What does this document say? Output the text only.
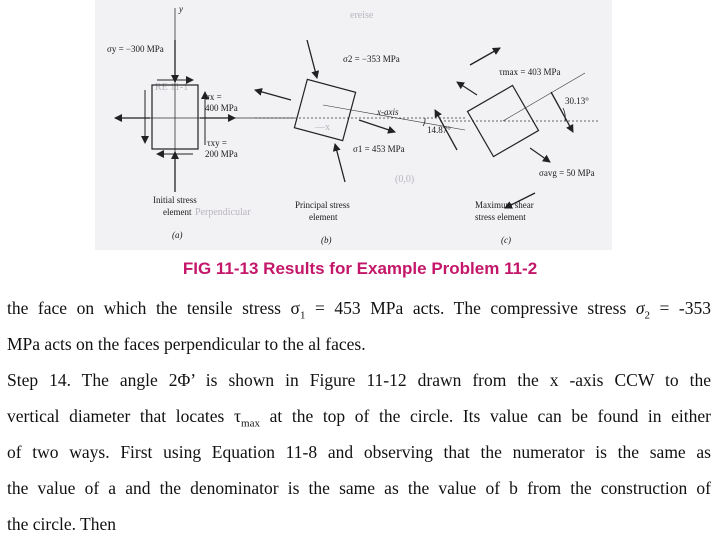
ereise
RE 11-1
—x
(0,0)
Perpendicular
y
σy = −300 MPa
σx =
400 MPa
τxy =
200 MPa
Initial stress
element
(a)
σ2 = −353 MPa
x-axis
14.87°
σ1 = 453 MPa
Principal stress
element
(b)
τmax = 403 MPa
30.13°
σavg = 50 MPa
Maximum shear
stress element
(c)
FIG 11-13 Results for Example Problem 11-2

the face on which the tensile stress $\sigma_1 = 453$ MPa acts. The compressive stress $\sigma_2 = -353$
MPa acts on the faces perpendicular to the al faces.

Step 14. The angle 2Φ’ is shown in Figure 11-12 drawn from the x -axis CCW to the
vertical diameter that locates $\tau_{max}$ at the top of the circle. Its value can be found in either
of two ways. First using Equation 11-8 and observing that the numerator is the same as
the value of a and the denominator is the same as the value of b from the construction of
the circle. Then
